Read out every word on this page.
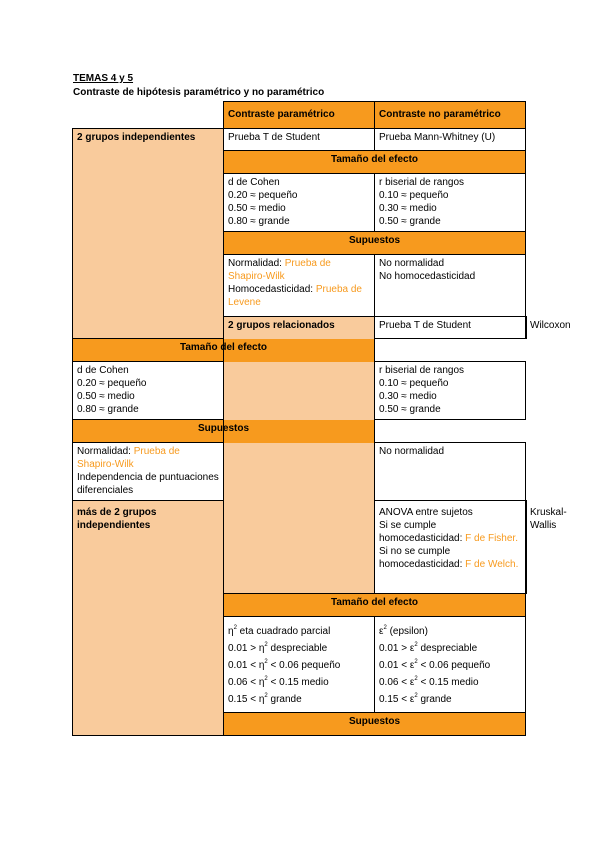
TEMAS 4 y 5
Contraste de hipótesis paramétrico y no paramétrico
	Contraste paramétrico	Contraste no paramétrico	
2 grupos independientes	Prueba T de Student	Prueba Mann-Whitney (U)	
	Tamaño del efecto		

	d de Cohen
0.20 ≈ pequeño
0.50 ≈ medio
0.80 ≈ grande	r biserial de rangos
0.10 ≈ pequeño
0.30 ≈ medio
0.50 ≈ grande	

	Supuestos		
	Normalidad: Prueba de Shapiro-Wilk
Homocedasticidad: Prueba de Levene	No normalidad
No homocedasticidad	

	2 grupos relacionados	Prueba T de Student	Wilcoxon
Tamaño del efecto			

d de Cohen
0.20 ≈ pequeño
0.50 ≈ medio
0.80 ≈ grande		r biserial de rangos
0.10 ≈ pequeño
0.30 ≈ medio
0.50 ≈ grande	

Supuestos			
Normalidad: Prueba de Shapiro-Wilk
Independencia de puntuaciones diferenciales		No normalidad	

más de 2 grupos independientes		ANOVA entre sujetos
Si se cumple homocedasticidad: F de Fisher.
Si no se cumple homocedasticidad: F de Welch.	Kruskal-Wallis
	Tamaño del efecto		

	$\eta^2$ eta cuadrado parcial
$0.01 > \eta^2$ despreciable
$0.01 < \eta^2 < 0.06$ pequeño
$0.06 < \eta^2 < 0.15$ medio
$0.15 < \eta^2$ grande	$\varepsilon^2$ (epsilon)
$0.01 > \varepsilon^2$ despreciable
$0.01 < \varepsilon^2 < 0.06$ pequeño
$0.06 < \varepsilon^2 < 0.15$ medio
$0.15 < \varepsilon^2$ grande	

	Supuestos		
